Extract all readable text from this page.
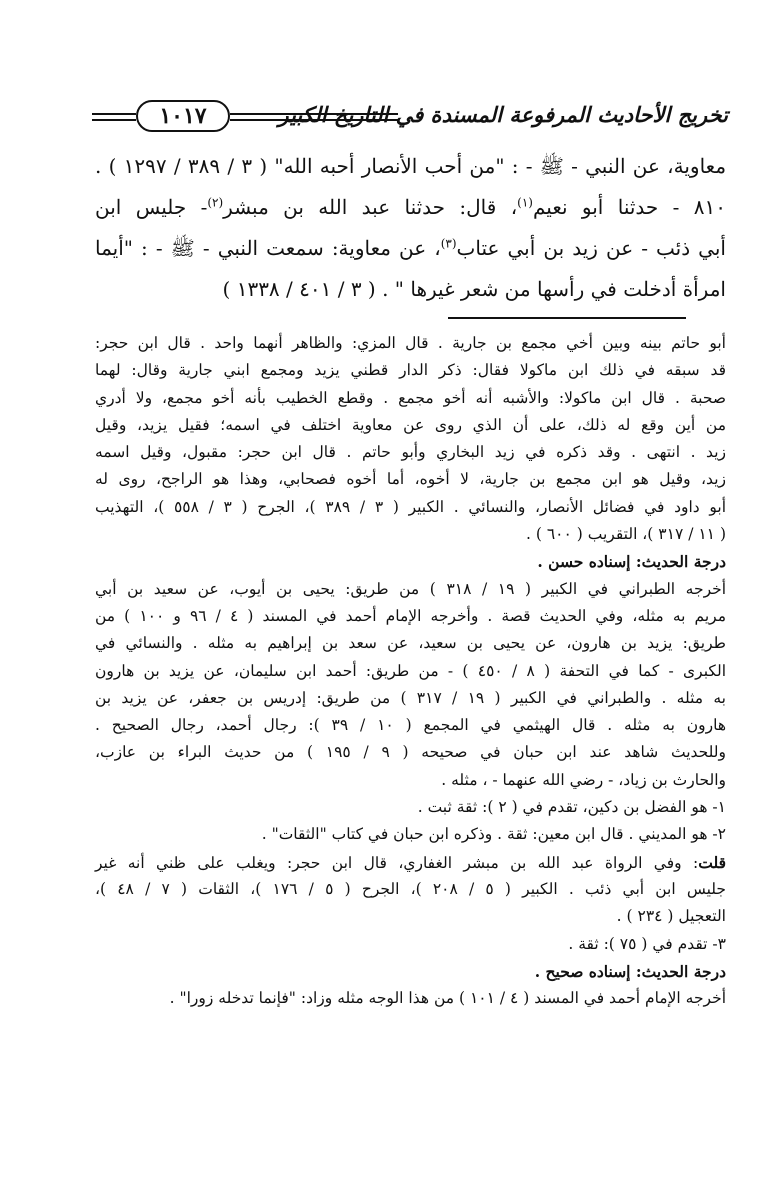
تخريج الأحاديث المرفوعة المسندة في التاريخ الكبير
١٠١٧
معاوية، عن النبي - ﷺ - : "من أحب الأنصار أحبه الله" ( ٣ / ٣٨٩ / ١٢٩٧ ) .
٨١٠ - حدثنا أبو نعيم$^{(١)}$، قال: حدثنا عبد الله بن مبشر$^{(٢)}$- جليس ابن
أبي ذئب - عن زيد بن أبي عتاب$^{(٣)}$، عن معاوية: سمعت النبي - ﷺ - : "أيما
امرأة أدخلت في رأسها من شعر غيرها " . ( ٣ / ٤٠١ / ١٣٣٨ )
أبو حاتم بينه وبين أخي مجمع بن جارية . قال المزي: والظاهر أنهما واحد . قال ابن حجر:
قد سبقه في ذلك ابن ماكولا فقال: ذكر الدار قطني يزيد ومجمع ابني جارية وقال: لهما
صحبة . قال ابن ماكولا: والأشبه أنه أخو مجمع . وقطع الخطيب بأنه أخو مجمع، ولا أدري
من أين وقع له ذلك، على أن الذي روى عن معاوية اختلف في اسمه؛ فقيل يزيد، وقيل
زيد . انتهى . وقد ذكره في زيد البخاري وأبو حاتم . قال ابن حجر: مقبول، وقيل اسمه
زيد، وقيل هو ابن مجمع بن جارية، لا أخوه، أما أخوه فصحابي، وهذا هو الراجح، روى له
أبو داود في فضائل الأنصار، والنسائي . الكبير ( ٣ / ٣٨٩ )، الجرح ( ٣ / ٥٥٨ )، التهذيب
( ١١ / ٣١٧ )، التقريب ( ٦٠٠ ) .
درجة الحديث: إسناده حسن .
أخرجه الطبراني في الكبير ( ١٩ / ٣١٨ ) من طريق: يحيى بن أيوب، عن سعيد بن أبي
مريم به مثله، وفي الحديث قصة . وأخرجه الإمام أحمد في المسند ( ٤ / ٩٦ و ١٠٠ ) من
طريق: يزيد بن هارون، عن يحيى بن سعيد، عن سعد بن إبراهيم به مثله . والنسائي في
الكبرى - كما في التحفة ( ٨ / ٤٥٠ ) - من طريق: أحمد ابن سليمان، عن يزيد بن هارون
به مثله . والطبراني في الكبير ( ١٩ / ٣١٧ ) من طريق: إدريس بن جعفر، عن يزيد بن
هارون به مثله . قال الهيثمي في المجمع ( ١٠ / ٣٩ ): رجال أحمد، رجال الصحيح .
وللحديث شاهد عند ابن حبان في صحيحه ( ٩ / ١٩٥ ) من حديث البراء بن عازب،
والحارث بن زياد، - رضي الله عنهما - ، مثله .
١- هو الفضل بن دكين، تقدم في ( ٢ ): ثقة ثبت .
٢- هو المديني . قال ابن معين: ثقة . وذكره ابن حبان في كتاب "الثقات" .
قلت: وفي الرواة عبد الله بن مبشر الغفاري، قال ابن حجر: ويغلب على ظني أنه غير
جليس ابن أبي ذئب . الكبير ( ٥ / ٢٠٨ )، الجرح ( ٥ / ١٧٦ )، الثقات ( ٧ / ٤٨ )،
التعجيل ( ٢٣٤ ) .
٣- تقدم في ( ٧٥ ): ثقة .
درجة الحديث: إسناده صحيح .
أخرجه الإمام أحمد في المسند ( ٤ / ١٠١ ) من هذا الوجه مثله وزاد: "فإنما تدخله زورا" .
